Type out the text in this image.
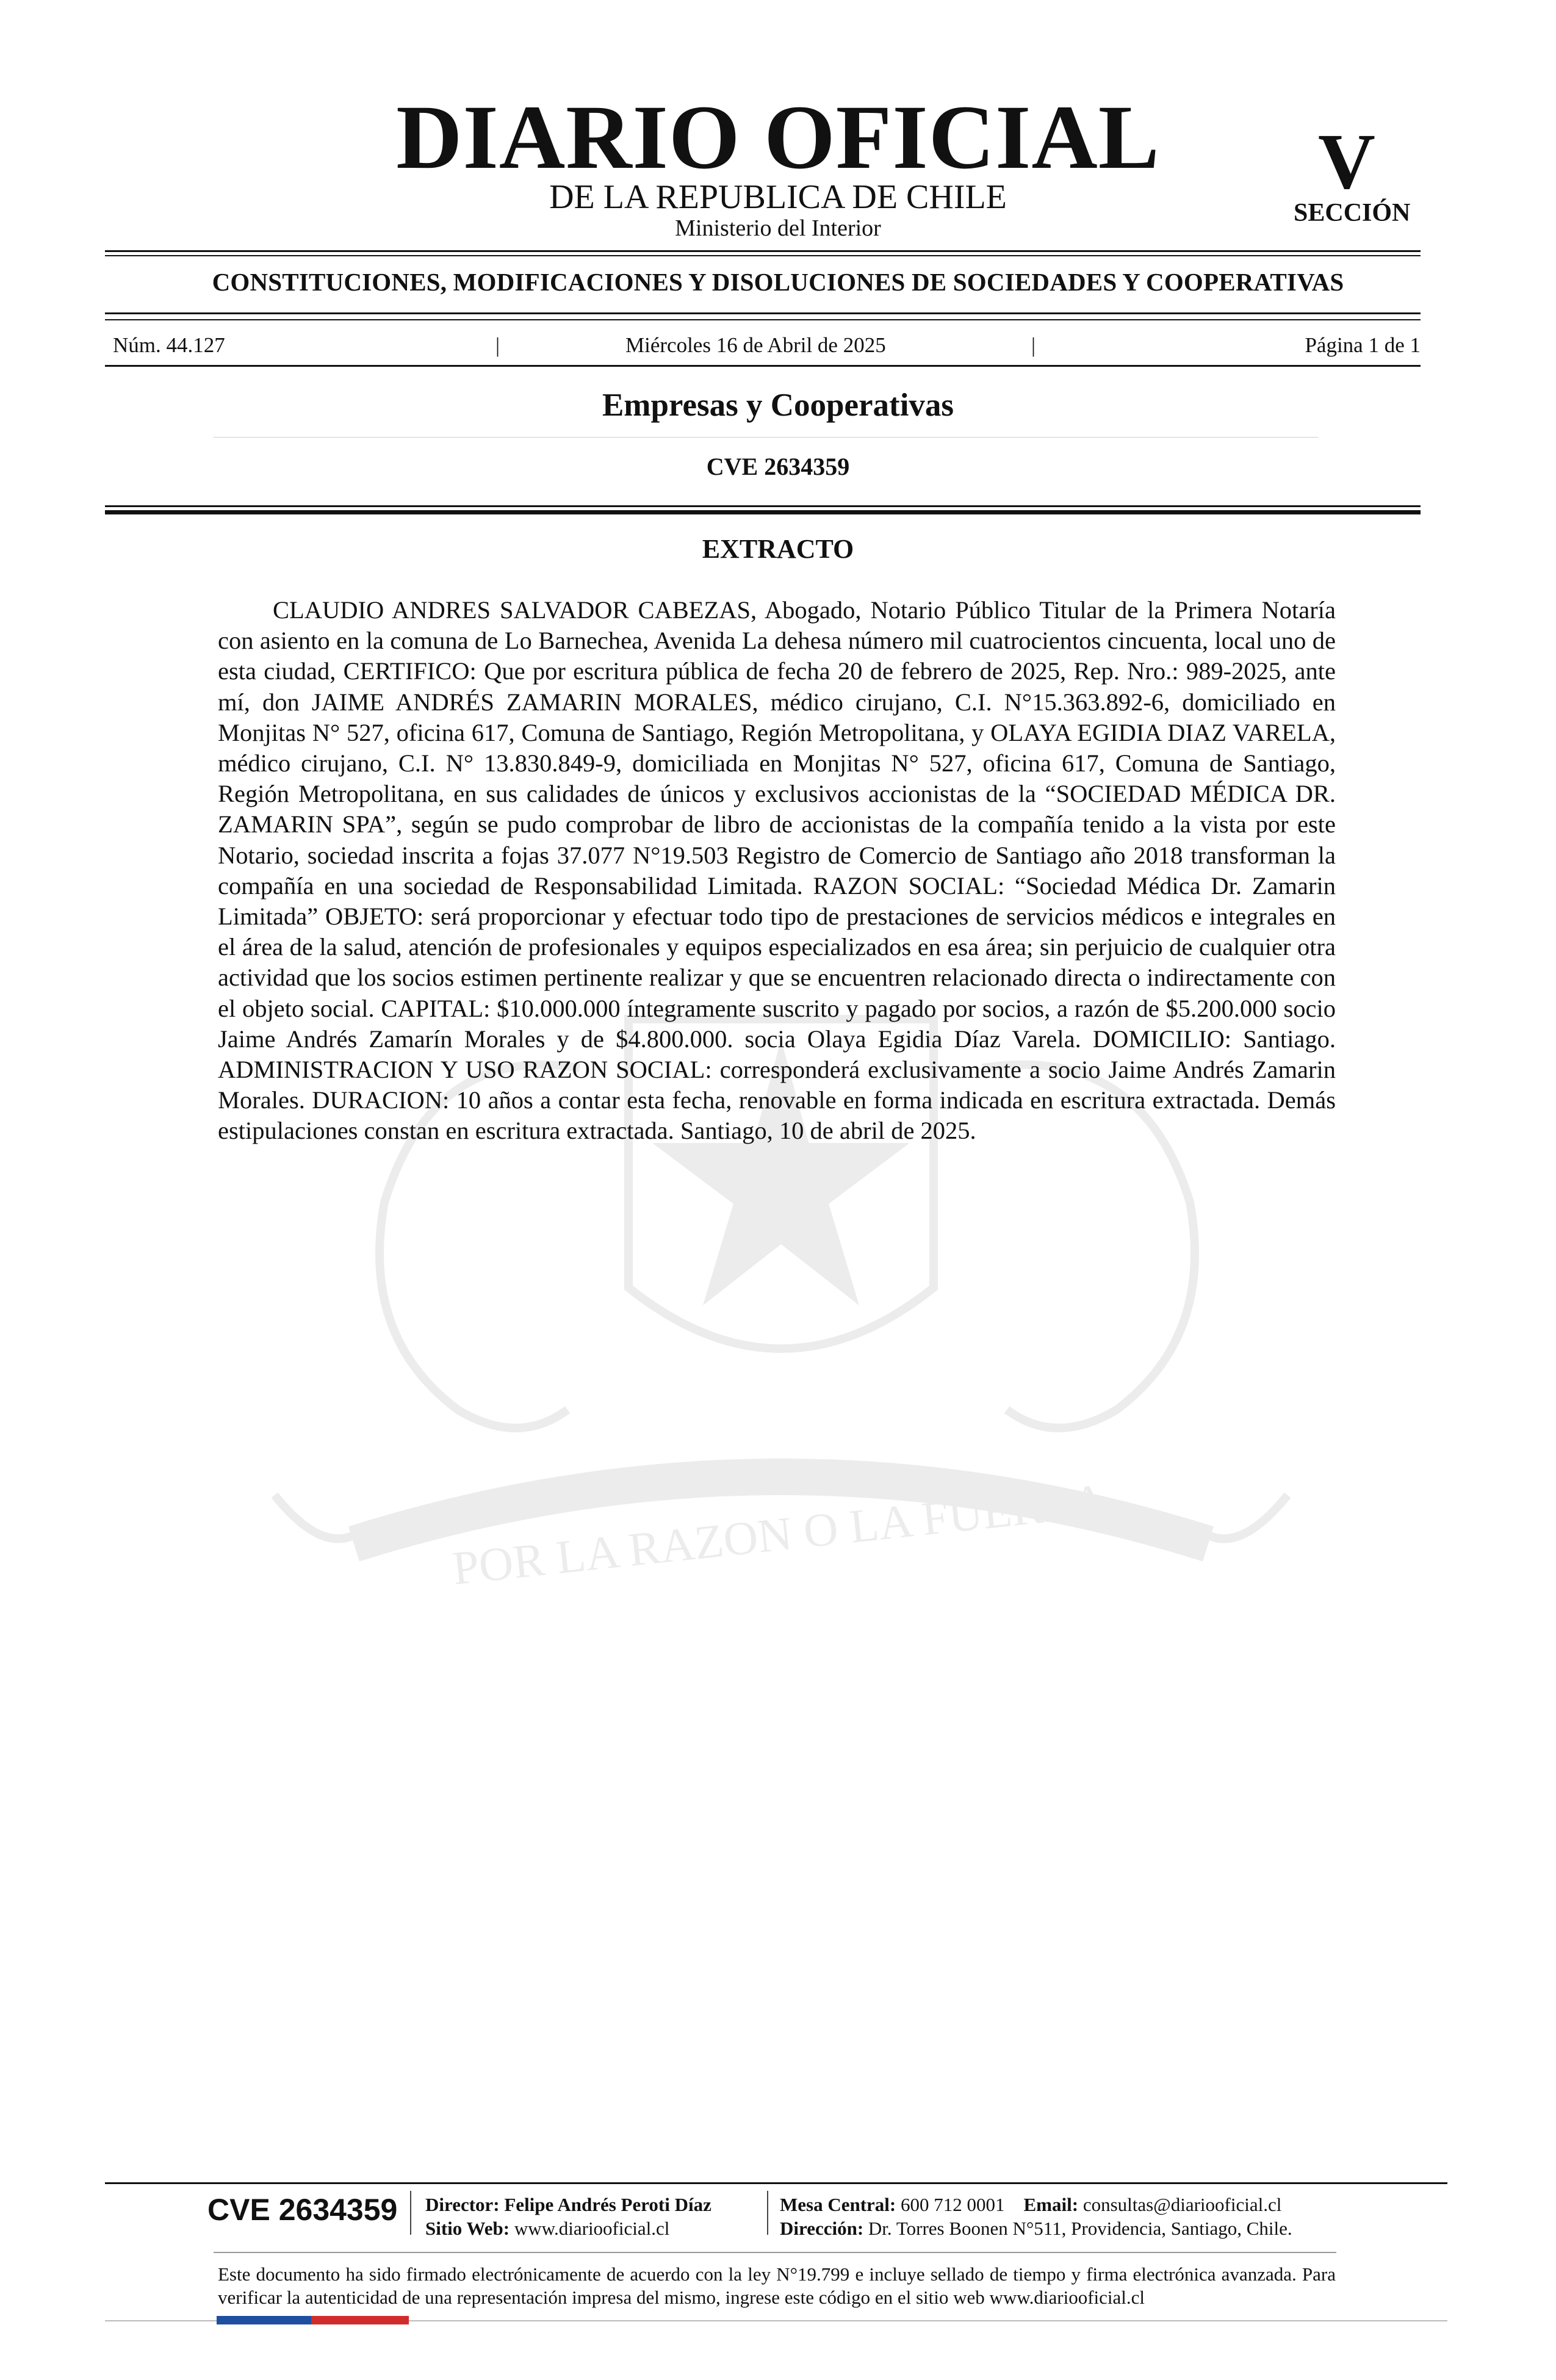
POR LA RAZON O LA FUERZA
DIARIO OFICIAL
DE LA REPUBLICA DE CHILE
Ministerio del Interior
V
SECCIÓN
CONSTITUCIONES, MODIFICACIONES Y DISOLUCIONES DE SOCIEDADES Y COOPERATIVAS
Núm. 44.127	|	Miércoles 16 de Abril de 2025	|	Página 1 de 1
Empresas y Cooperativas
CVE 2634359
EXTRACTO

CLAUDIO ANDRES SALVADOR CABEZAS, Abogado, Notario Público Titular de la Primera Notaría con asiento en la comuna de Lo Barnechea, Avenida La dehesa número mil cuatrocientos cincuenta, local uno de esta ciudad, CERTIFICO: Que por escritura pública de fecha 20 de febrero de 2025, Rep. Nro.: 989-2025, ante mí, don JAIME ANDRÉS ZAMARIN MORALES, médico cirujano, C.I. N°15.363.892-6, domiciliado en Monjitas N° 527, oficina 617, Comuna de Santiago, Región Metropolitana, y OLAYA EGIDIA DIAZ VARELA, médico cirujano, C.I. N° 13.830.849-9, domiciliada en Monjitas N° 527, oficina 617, Comuna de Santiago, Región Metropolitana, en sus calidades de únicos y exclusivos accionistas de la “SOCIEDAD MÉDICA DR. ZAMARIN SPA”, según se pudo comprobar de libro de accionistas de la compañía tenido a la vista por este Notario, sociedad inscrita a fojas 37.077 N°19.503 Registro de Comercio de Santiago año 2018 transforman la compañía en una sociedad de Responsabilidad Limitada. RAZON SOCIAL: “Sociedad Médica Dr. Zamarin Limitada” OBJETO: será proporcionar y efectuar todo tipo de prestaciones de servicios médicos e integrales en el área de la salud, atención de profesionales y equipos especializados en esa área; sin perjuicio de cualquier otra actividad que los socios estimen pertinente realizar y que se encuentren relacionado directa o indirectamente con el objeto social. CAPITAL: $10.000.000 íntegramente suscrito y pagado por socios, a razón de $5.200.000 socio Jaime Andrés Zamarín Morales y de $4.800.000. socia Olaya Egidia Díaz Varela. DOMICILIO: Santiago. ADMINISTRACION Y USO RAZON SOCIAL: corresponderá exclusivamente a socio Jaime Andrés Zamarin Morales. DURACION: 10 años a contar esta fecha, renovable en forma indicada en escritura extractada. Demás estipulaciones constan en escritura extractada. Santiago, 10 de abril de 2025.

CVE 2634359 Director: Felipe Andrés Peroti Díaz
Sitio Web: www.diariooficial.cl
Mesa Central: 600 712 0001 Email: consultas@diariooficial.cl
Dirección: Dr. Torres Boonen N°511, Providencia, Santiago, Chile.

Este documento ha sido firmado electrónicamente de acuerdo con la ley N°19.799 e incluye sellado de tiempo y firma electrónica avanzada. Para verificar la autenticidad de una representación impresa del mismo, ingrese este código en el sitio web www.diariooficial.cl
